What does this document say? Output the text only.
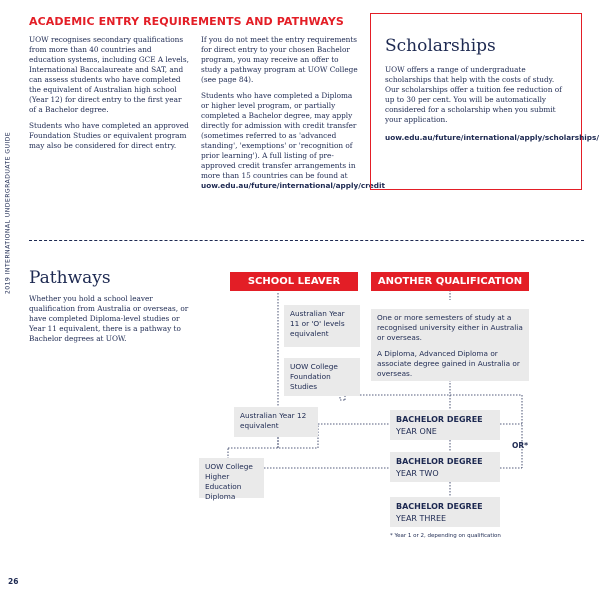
2019 INTERNATIONAL UNDERGRADUATE GUIDE
26
ACADEMIC ENTRY REQUIREMENTS AND PATHWAYS

UOW recognises secondary qualifications from more than 40 countries and education systems, including GCE A levels, International Baccalaureate and SAT, and can assess students who have completed the equivalent of Australian high school (Year 12) for direct entry to the first year of a Bachelor degree.

Students who have completed an approved Foundation Studies or equivalent program may also be considered for direct entry.

If you do not meet the entry requirements for direct entry to your chosen Bachelor program, you may receive an offer to study a pathway program at UOW College (see page 84).

Students who have completed a Diploma or higher level program, or partially completed a Bachelor degree, may apply directly for admission with credit transfer (sometimes referred to as 'advanced standing', 'exemptions' or 'recognition of prior learning'). A full listing of pre-approved credit transfer arrangements in more than 15 countries can be found at

uow.edu.au/future/international/apply/credit
Scholarships
UOW offers a range of undergraduate scholarships that help with the costs of study. Our scholarships offer a tuition fee reduction of up to 30 per cent. You will be automatically considered for a scholarship when you submit your application.
uow.edu.au/future/international/apply/scholarships/
Pathways
Whether you hold a school leaver qualification from Australia or overseas, or have completed Diploma-level studies or Year 11 equivalent, there is a pathway to Bachelor degrees at UOW.
SCHOOL LEAVER	ANOTHER QUALIFICATION
Australian Year 11 or 'O' levels equivalent
UOW College Foundation Studies
Australian Year 12 equivalent
UOW College Higher Education Diploma
One or more semesters of study at a recognised university either in Australia or overseas.
A Diploma, Advanced Diploma or associate degree gained in Australia or overseas.
BACHELOR DEGREE
YEAR ONE
BACHELOR DEGREE
YEAR TWO
BACHELOR DEGREE
YEAR THREE
OR*
* Year 1 or 2, depending on qualification
